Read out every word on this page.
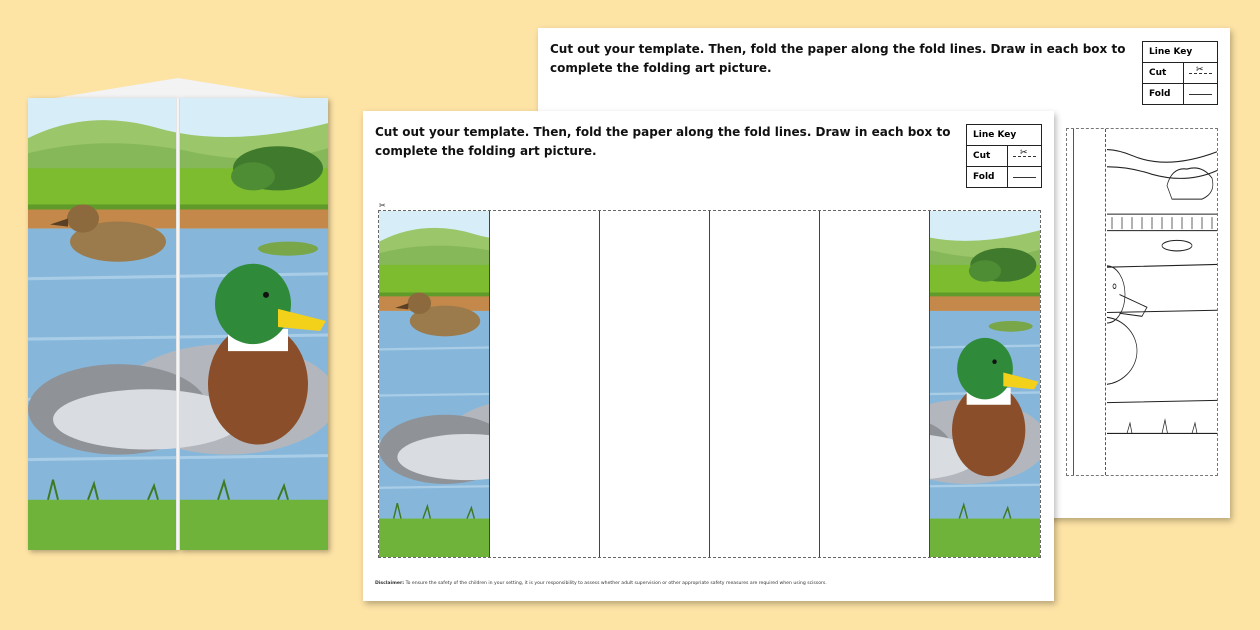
Cut out your template. Then, fold the paper along the fold lines. Draw in each box to complete the folding art picture.
Line Key
Cut	✂
Fold
Cut out your template. Then, fold the paper along the fold lines. Draw in each box to complete the folding art picture.
Line Key
Cut	✂
Fold
✂
Disclaimer: To ensure the safety of the children in your setting, it is your responsibility to assess whether adult supervision or other appropriate safety measures are required when using scissors.
